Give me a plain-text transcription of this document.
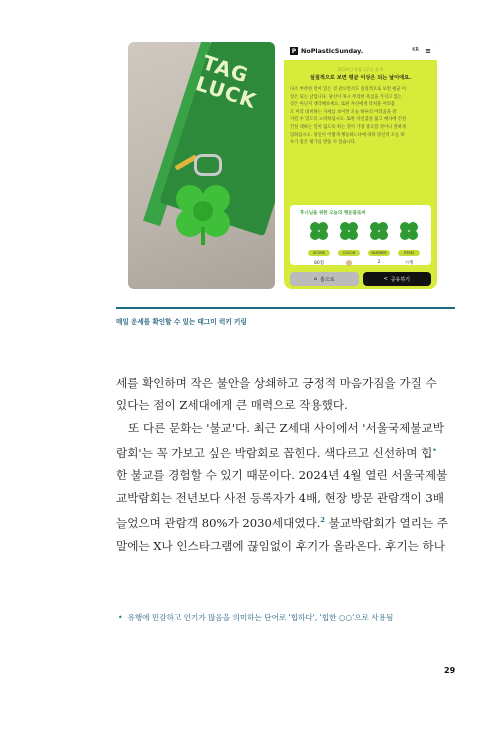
TAG LUCK
P NoPlasticSunday.	KR ≡
2024년 6월 12일 운세
실질적으로 보면 평균 이상은 되는 날이에요.
다소 부족한 면이 있는 것 같으면서도 실질적으로 보면 평균 이
상은 되는 날입니다. 당신이 혹시 무리한 욕심을 가지고 있는
것은 아닌지 생각해보세요. 또한 자신에게 닥쳐올 어려움
도 미리 대비하는 자세를 보이면 오늘 하루의 어려움을 잘
지킬 수 있도록 노력하십시오. 또한 자신감을 잃고 매사에 건설
건설 대하는 일이 없도록 하는 것이 가장 중요할 것이니 잘하게
임하십시오. 당신이 어떻게 행동하느냐에 따라 당신의 오늘 하
루가 좋은 평가를 받을 수 있습니다.
후니님을 위한 오늘의 행운플로버
SCORE
80점
COLOR	NUMBER
2
ITEMS
시계
⌂ 홈으로	< 공유하기
매일 운세를 확인할 수 있는 태그미 럭키 키링

세를 확인하며 작은 불안을 상쇄하고 긍정적 마음가짐을 가질 수

있다는 점이 Z세대에게 큰 매력으로 작용했다.

또 다른 문화는 '불교'다. 최근 Z세대 사이에서 '서울국제불교박

람회'는 꼭 가보고 싶은 박람회로 꼽힌다. 색다르고 신선하며 힙•

한 불교를 경험할 수 있기 때문이다. 2024년 4월 열린 서울국제불

교박람회는 전년보다 사전 등록자가 4배, 현장 방문 관람객이 3배

늘었으며 관람객 80%가 2030세대였다.$^2$ 불교박람회가 열리는 주

말에는 X나 인스타그램에 끊임없이 후기가 올라온다. 후기는 하나

• 유행에 민감하고 인기가 많음을 의미하는 단어로 '힙하다', '힙한 ○○'으로 사용됨
29
